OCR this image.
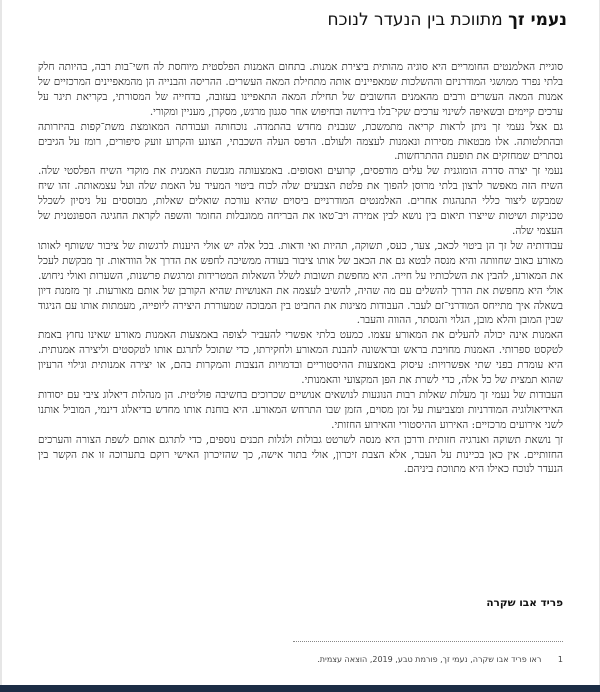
נעמי זך מתווכת בין הנעדר לנוכח

סוגיית האלמנטים החומריים היא סוגיה מהותית ביצירת אמנות. בתחום האמנות הפלסטית מיוחסת לה חשי־בות רבה, בהיותה חלק בלתי נפרד ממושגי המודרניזם וההשלכות שמאפיינים אותה מתחילת המאה העשרים. ההריסה והבנייה הן מהמאפיינים המרכזיים של אמנות המאה העשרים ורבים מהאמנים החשובים של תחילת המאה התאפיינו בעזובה, בדחייה של המסורתי, בקריאת תיגר על ערכים קיימים ובשאיפה לשינוי ערכים שקי־בלו בירושה ובחיפוש אחר סגנון מרגש, מסקרן, מעניין ומקורי.

גם אצל נעמי זך ניתן לראות קריאה מתמשכת, שנבנית מחדש בהתמדה. נוכחותה ועבודתה המאומצת משת־קפות בהיזרותה ובהתלטותה. אלו מבטאות מסירות ונאמנות לעצמה ולעולם. הדפס העלה השכבתי, הצונע והקרוע זועק סיפורים, רומז על הגיבים נסתרים שמחזקים את תופעת ההתרחשות.

נעמי זך יצרה סדרה הומוגנית של עלים מודפסים, קרועים ואסופים. באמצעותה מגבשת האמנית את מוקדי השיח הפלסטי שלה. השיח הזה מאפשר לרצון בלתי מרוסן להפוך את פלטת הצבעים שלה לכוח ביטוי המעיד על האמת שלה ועל עצמאותה. זהו שיח שמבקש ליצור כללי התנהגות אחרים. האלמנטים המודרניים ביסוים שהיא עורכת שואלים שאלות, מבוססים על ניסיון לשכלל טכניקות ושיטות שייצרו תיאום בין נושא לבין אמירה ויב־טאו את הבריחה ממוגבלות החומר והשפה לקראת החגיגה הספונטנית של העצמי שלה.

עבודותיה של זך הן ביטוי לכאב, צער, כעס, תשוקה, תהיות ואי ודאות. בכל אלה יש אולי היענות לרגשות של ציבור ששותף לאותו מאורע כאוב שחוותה והיא מנסה לבטא גם את הכאב של אותו ציבור בעודה ממשיכה לחפש את הדרך אל הוודאות. זך מבקשת לעכל את המאורע, להבין את השלכותיו על חייה. היא מחפשת תשובות לשלל השאלות המטרידות ומרגשת פרשנות, השערות ואולי ניחוש. אולי היא מחפשת את הדרך להשלים עם מה שהיה, להשיב לעצמה את האנושיות שהיא הקורבן של אותם מאורעות. זך מזמנת דיון בשאלה איך מתייחס המודרני־זם לעבר. העבודות מציגות את החביט בין המבוכה שמעוררת היצירה ליופייה, מעמתות אותו עם הניגוד שבין המובן והלא מובן, הגלוי והנסתר, ההווה והעבר.

האמנות אינה יכולה להעלים את המאורע עצמו. כמעט בלתי אפשרי להעביר לצופה באמצעות האמנות מאורע שאינו נחוץ באמת לטקסט ספרותי. האמנות מחויבת בראש ובראשונה להבנת המאורע ולחקירתו, כדי שתוכל לתרגם אותו לטקסטים וליצירה אמנותית. היא עומדת בפני שתי אפשרויות: עיסוק באמצעות ההיסטוריים ובדמויות הנצבות והמקרות בהם, או יצירה אמנותית וגילוי הרעיון שהוא תמצית של כל אלה, כדי לשרת את הפן המקצועי והאמנותי.

העבודות של נעמי זך מעלות שאלות רבות הנוגעות לנושאים אנושיים שכרוכים בחשיבה פוליטית. הן מנהלות דיאלוג ציבי עם יסודות האידיאולוגיה המודרניות ומצביעות על זמן מסוים, הזמן שבו התרחש המאורע. היא בוחנת אותו מחדש בדיאלוג דינמי, המוביל אותנו לשני אירועים מרכזיים: האירוע ההיסטורי והאירוע החזותי.

זך נושאת תשוקה ואנרגיה חזותית ודרכן היא מנסה לשרטט גבולות ולגלות תכנים נוספים, כדי לתרגם אותם לשפת הצורה והערכים החזותיים. אין כאן בכיינות על העבר, אלא הצבת זיכרון, אולי בתור אישה, כך שהזיכרון האישי רוקם בתערוכה זו את הקשר בין הנעדר לנוכח כאילו היא מתווכת ביניהם.

פריד אבו שקרה
1 ראו פריד אבו שקרה, נעמי זך, פורמת טבע, 2019, הוצאה עצמית.
